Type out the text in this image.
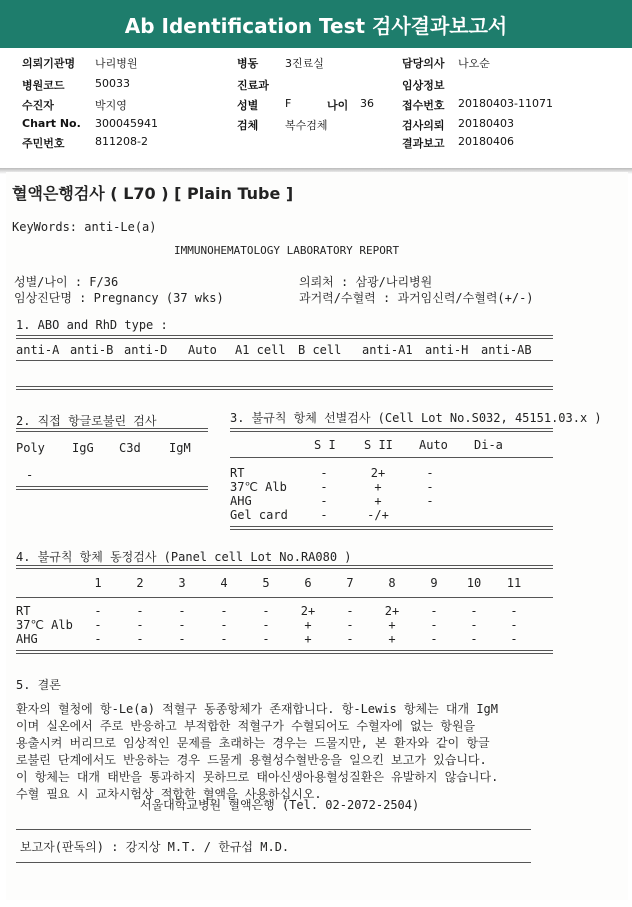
Ab Identification Test 검사결과보고서
의뢰기관명 나리병원
병원코드	50033
수진자	박지영
Chart No. 300045941
주민번호	811208-2
병동 3진료실
진료과
성별 F	나이 36
검체 복수검체
담당의사 나오순
임상정보
접수번호 20180403-11071
검사의뢰 20180403
결과보고 20180406
혈액은행검사 ( L70 ) [ Plain Tube ]
KeyWords: anti-Le(a)
IMMUNOHEMATOLOGY LABORATORY REPORT
성별/나이 : F/36
임상진단명 : Pregnancy (37 wks)
의뢰처 : 삼광/나리병원
과거력/수혈력 : 과거임신력/수혈력(+/-)
1. ABO and RhD type :
anti-A anti-B anti-D Auto A1 cell B cell anti-A1 anti-H anti-AB
2. 직접 항글로불린 검사
Poly IgG C3d IgM
-
3. 불규칙 항체 선별검사 (Cell Lot No.S032, 45151.03.x )
S I S II Auto Di-a
RT	-	2+	-
37℃ Alb	-	+	-
AHG	-	+	-
Gel card	-	-/+
4. 불규칙 항체 동정검사 (Panel cell Lot No.RA080 )
1	2	3	4	5	6	7	8	9	10	11
RT	-	-	-	-	-	2+	-	2+	-	-	-
37℃ Alb	-	-	-	-	-	+	-	+	-	-	-
AHG	-	-	-	-	-	+	-	+	-	-	-
5. 결론
환자의 혈청에 항-Le(a) 적혈구 동종항체가 존재합니다. 항-Lewis 항체는 대개 IgM
이며 실온에서 주로 반응하고 부적합한 적혈구가 수혈되어도 수혈자에 없는 항원을
용출시켜 버리므로 임상적인 문제를 초래하는 경우는 드물지만, 본 환자와 같이 항글
로불린 단계에서도 반응하는 경우 드물게 용혈성수혈반응을 일으킨 보고가 있습니다.
이 항체는 대개 태반을 통과하지 못하므로 태아신생아용혈성질환은 유발하지 않습니다.
수혈 필요 시 교차시험상 적합한 혈액을 사용하십시오.
서울대학교병원 혈액은행 (Tel. 02-2072-2504)
보고자(판독의) : 강지상 M.T. / 한규섭 M.D.
